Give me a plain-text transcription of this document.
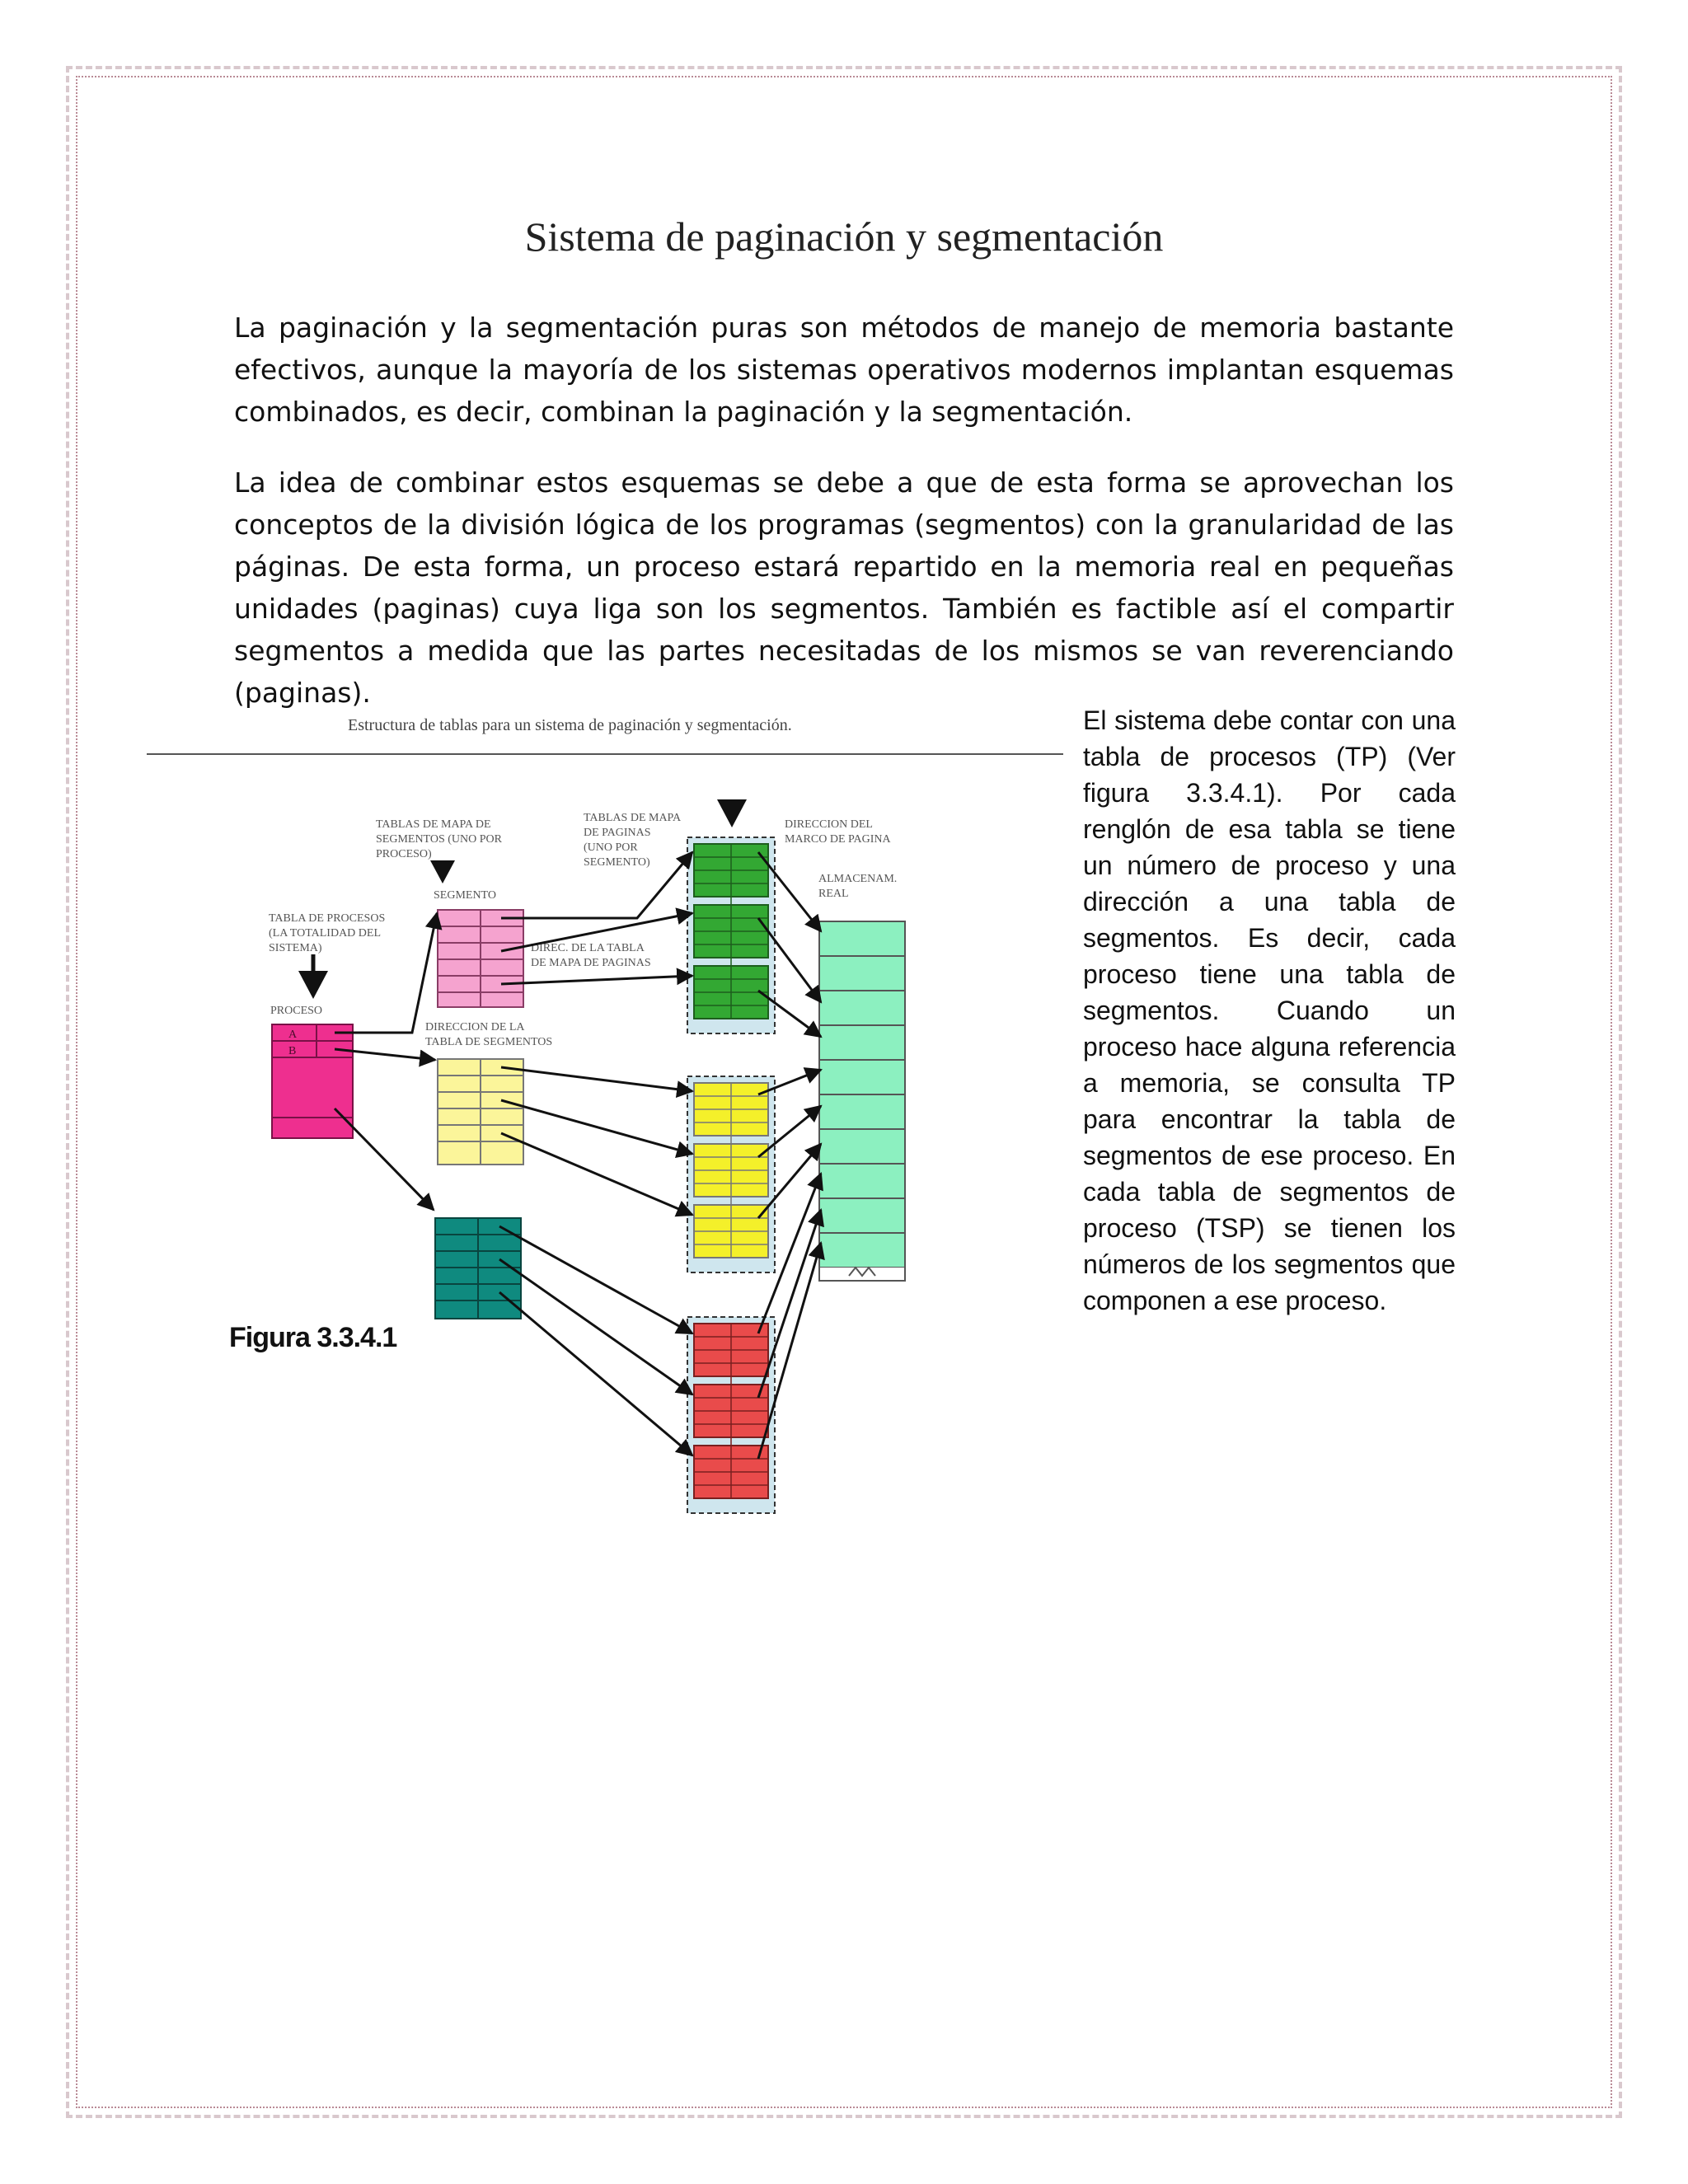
Sistema de paginación y segmentación

La paginación y la segmentación puras son métodos de manejo de memoria bastante efectivos, aunque la mayoría de los sistemas operativos modernos implantan esquemas combinados, es decir, combinan la paginación y la segmentación.

La idea de combinar estos esquemas se debe a que de esta forma se aprovechan los conceptos de la división lógica de los programas (segmentos) con la granularidad de las páginas. De esta forma, un proceso estará repartido en la memoria real en pequeñas unidades (paginas) cuya liga son los segmentos. También es factible así el compartir segmentos a medida que las partes necesitadas de los mismos se van reverenciando (paginas).

Estructura de tablas para un sistema de paginación y segmentación.
TABLAS DE MAPA DE SEGMENTOS (UNO POR PROCESO)
TABLAS DE MAPA DE PAGINAS (UNO POR SEGMENTO)
DIRECCION DEL MARCO DE PAGINA
ALMACENAM. REAL
SEGMENTO
TABLA DE PROCESOS (LA TOTALIDAD DEL SISTEMA)
PROCESO
DIREC. DE LA TABLA DE MAPA DE PAGINAS
DIRECCION DE LA TABLA DE SEGMENTOS
A
B
Figura 3.3.4.1

El sistema debe contar con una tabla de procesos (TP) (Ver figura 3.3.4.1). Por cada renglón de esa tabla se tiene un número de proceso y una dirección a una tabla de segmentos. Es decir, cada proceso tiene una tabla de segmentos. Cuando un proceso hace alguna referencia a memoria, se consulta TP para encontrar la tabla de segmentos de ese proceso. En cada tabla de segmentos de proceso (TSP) se tienen los números de los segmentos que componen a ese proceso.
